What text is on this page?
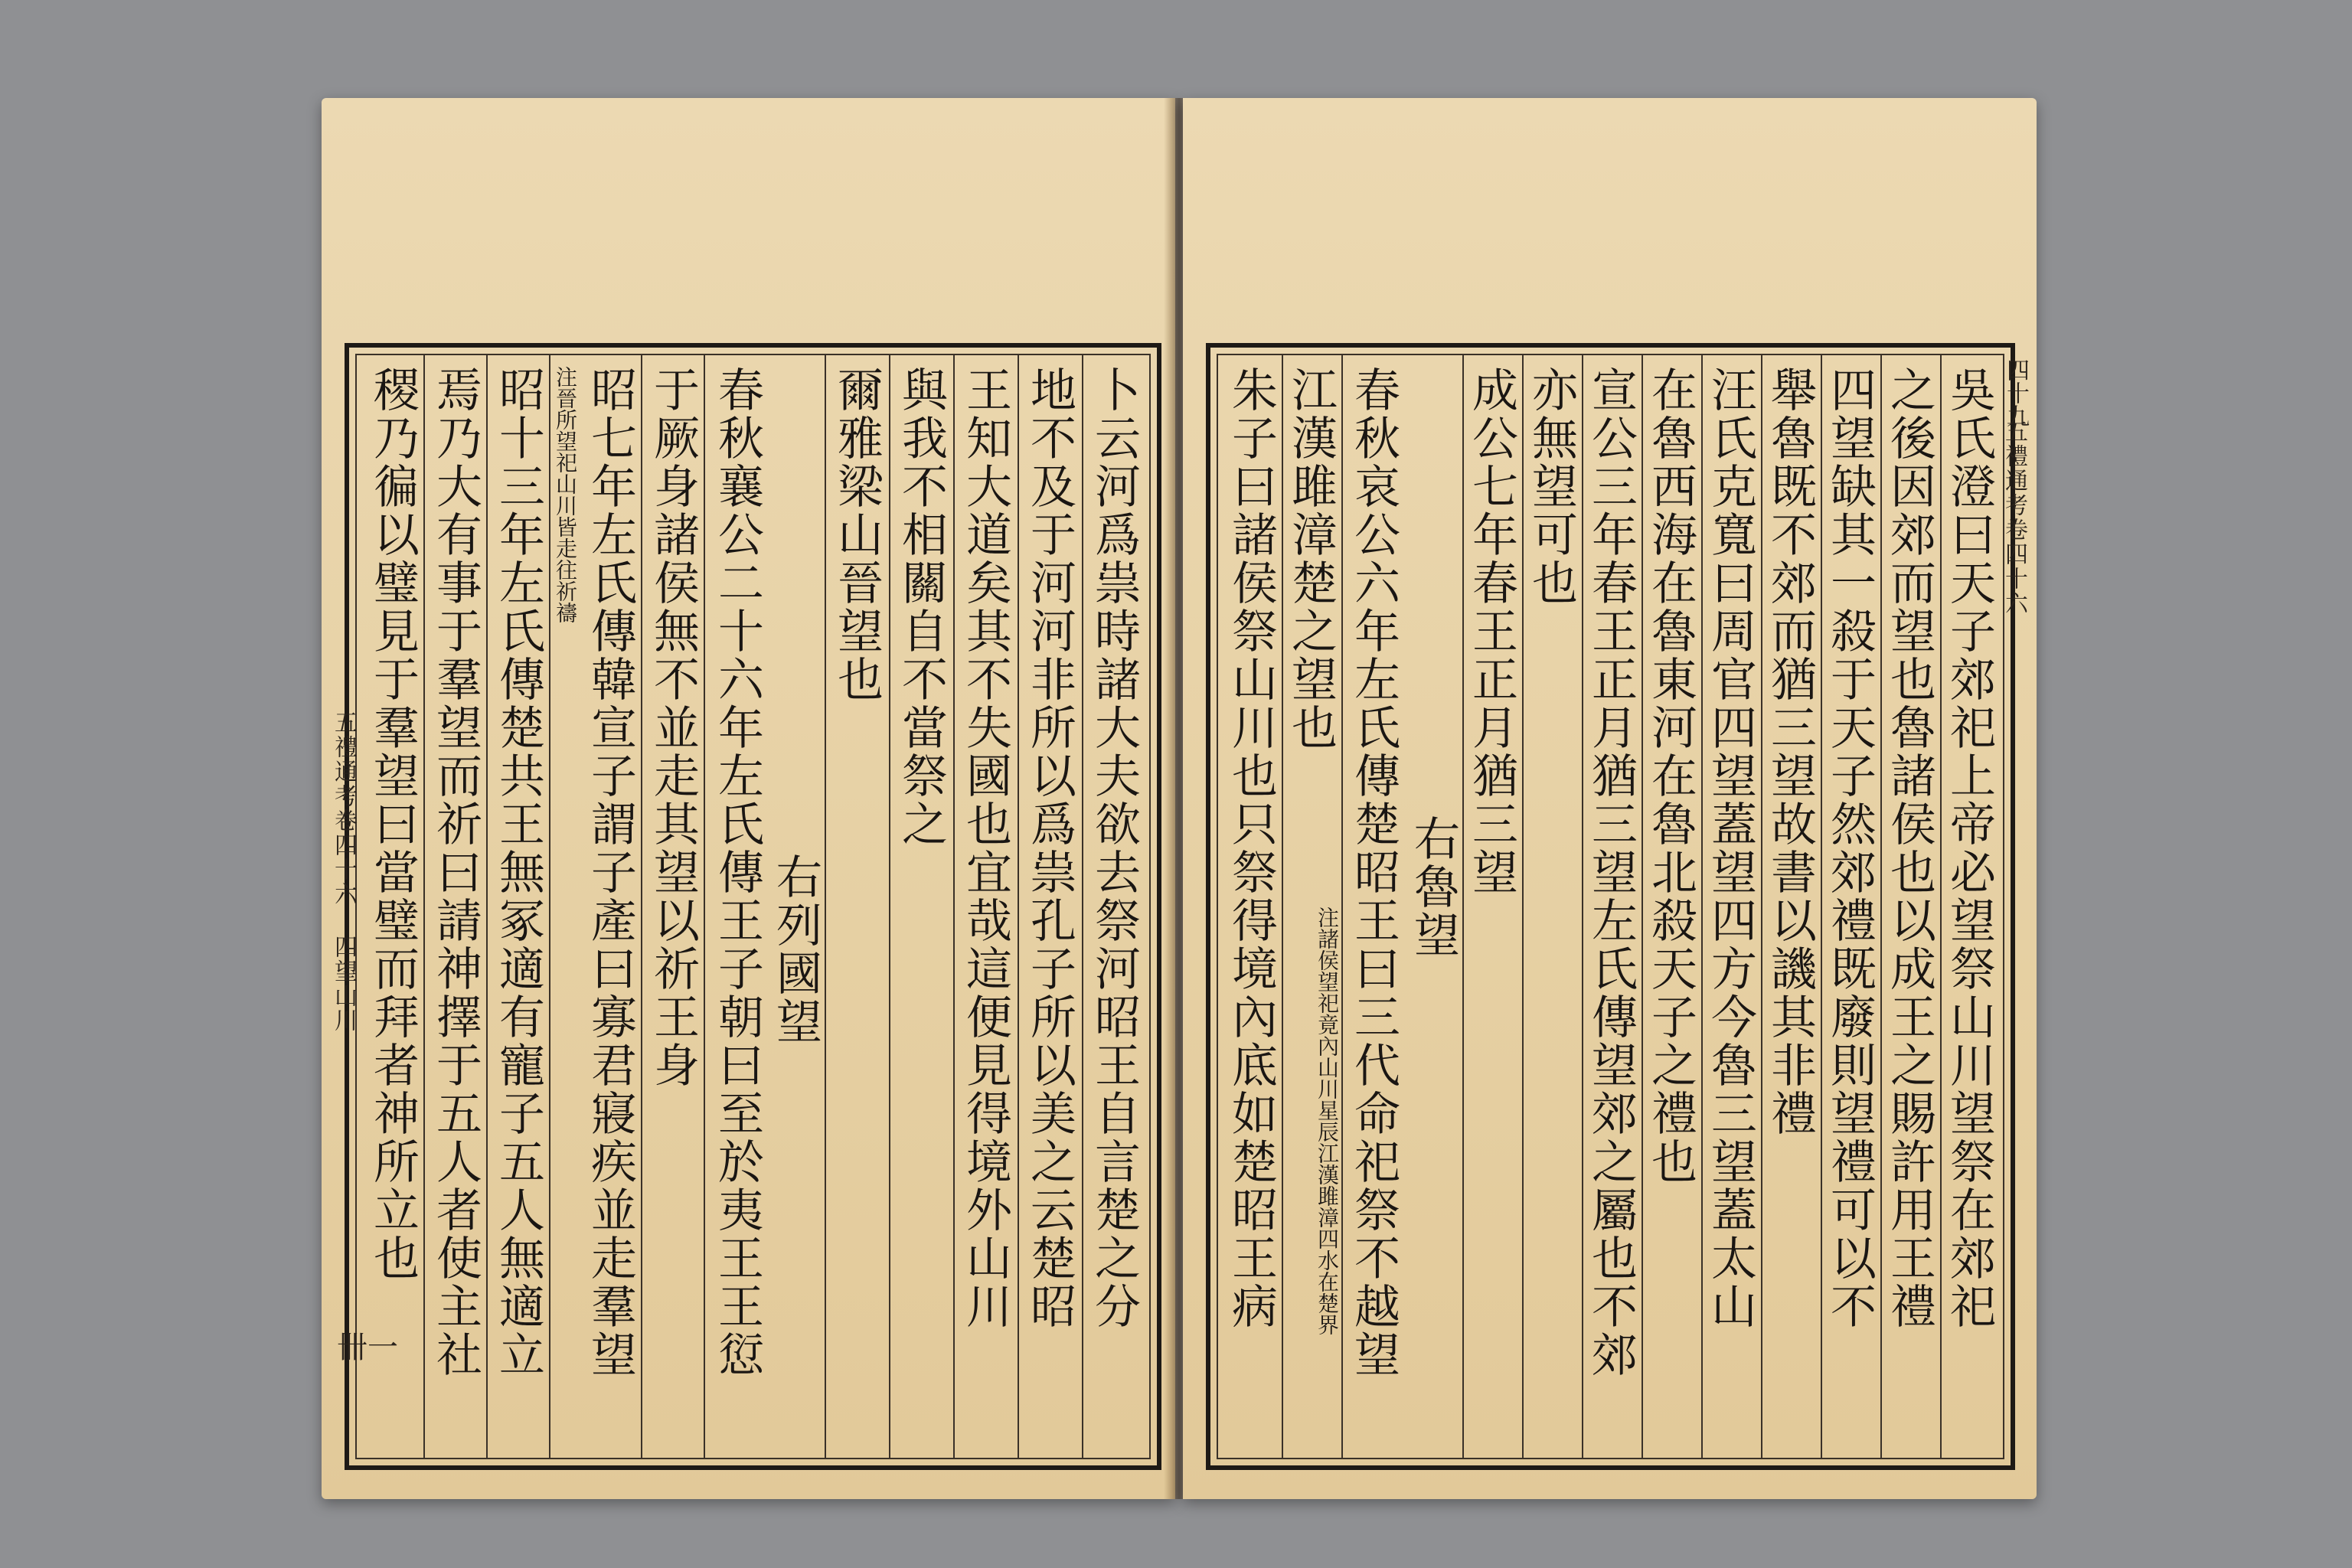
卜云河爲祟時諸大夫欲去祭河昭王自言楚之分
地不及于河河非所以爲祟孔子所以美之云楚昭
王知大道矣其不失國也宜哉這便見得境外山川
與我不相關自不當祭之
爾雅梁山晉望也
右列國望
春秋襄公二十六年左氏傳王子朝曰至於夷王王愆
于厥身諸侯無不並走其望以祈王身
昭七年左氏傳韓宣子謂子產曰寡君寢疾並走羣望
注晉所望祀山川皆走往祈禱
昭十三年左氏傳楚共王無冢適有寵子五人無適立
焉乃大有事于羣望而祈曰請神擇于五人者使主社
稷乃徧以璧見于羣望曰當璧而拜者神所立也
五禮通考卷四十六 四望山川
卌一
吳氏澄曰天子郊祀上帝必望祭山川望祭在郊祀
之後因郊而望也魯諸侯也以成王之賜許用王禮
四望缺其一殺于天子然郊禮既廢則望禮可以不
舉魯既不郊而猶三望故書以譏其非禮
汪氏克寬曰周官四望蓋望四方今魯三望蓋太山
在魯西海在魯東河在魯北殺天子之禮也
宣公三年春王正月猶三望左氏傳望郊之屬也不郊
亦無望可也
成公七年春王正月猶三望
右魯望
春秋哀公六年左氏傳楚昭王曰三代命祀祭不越望
江漢雎漳楚之望也
注諸侯望祀竟內山川星辰江漢雎漳四水在楚界
朱子曰諸侯祭山川也只祭得境內底如楚昭王病	五禮通考卷四十六
四十九
